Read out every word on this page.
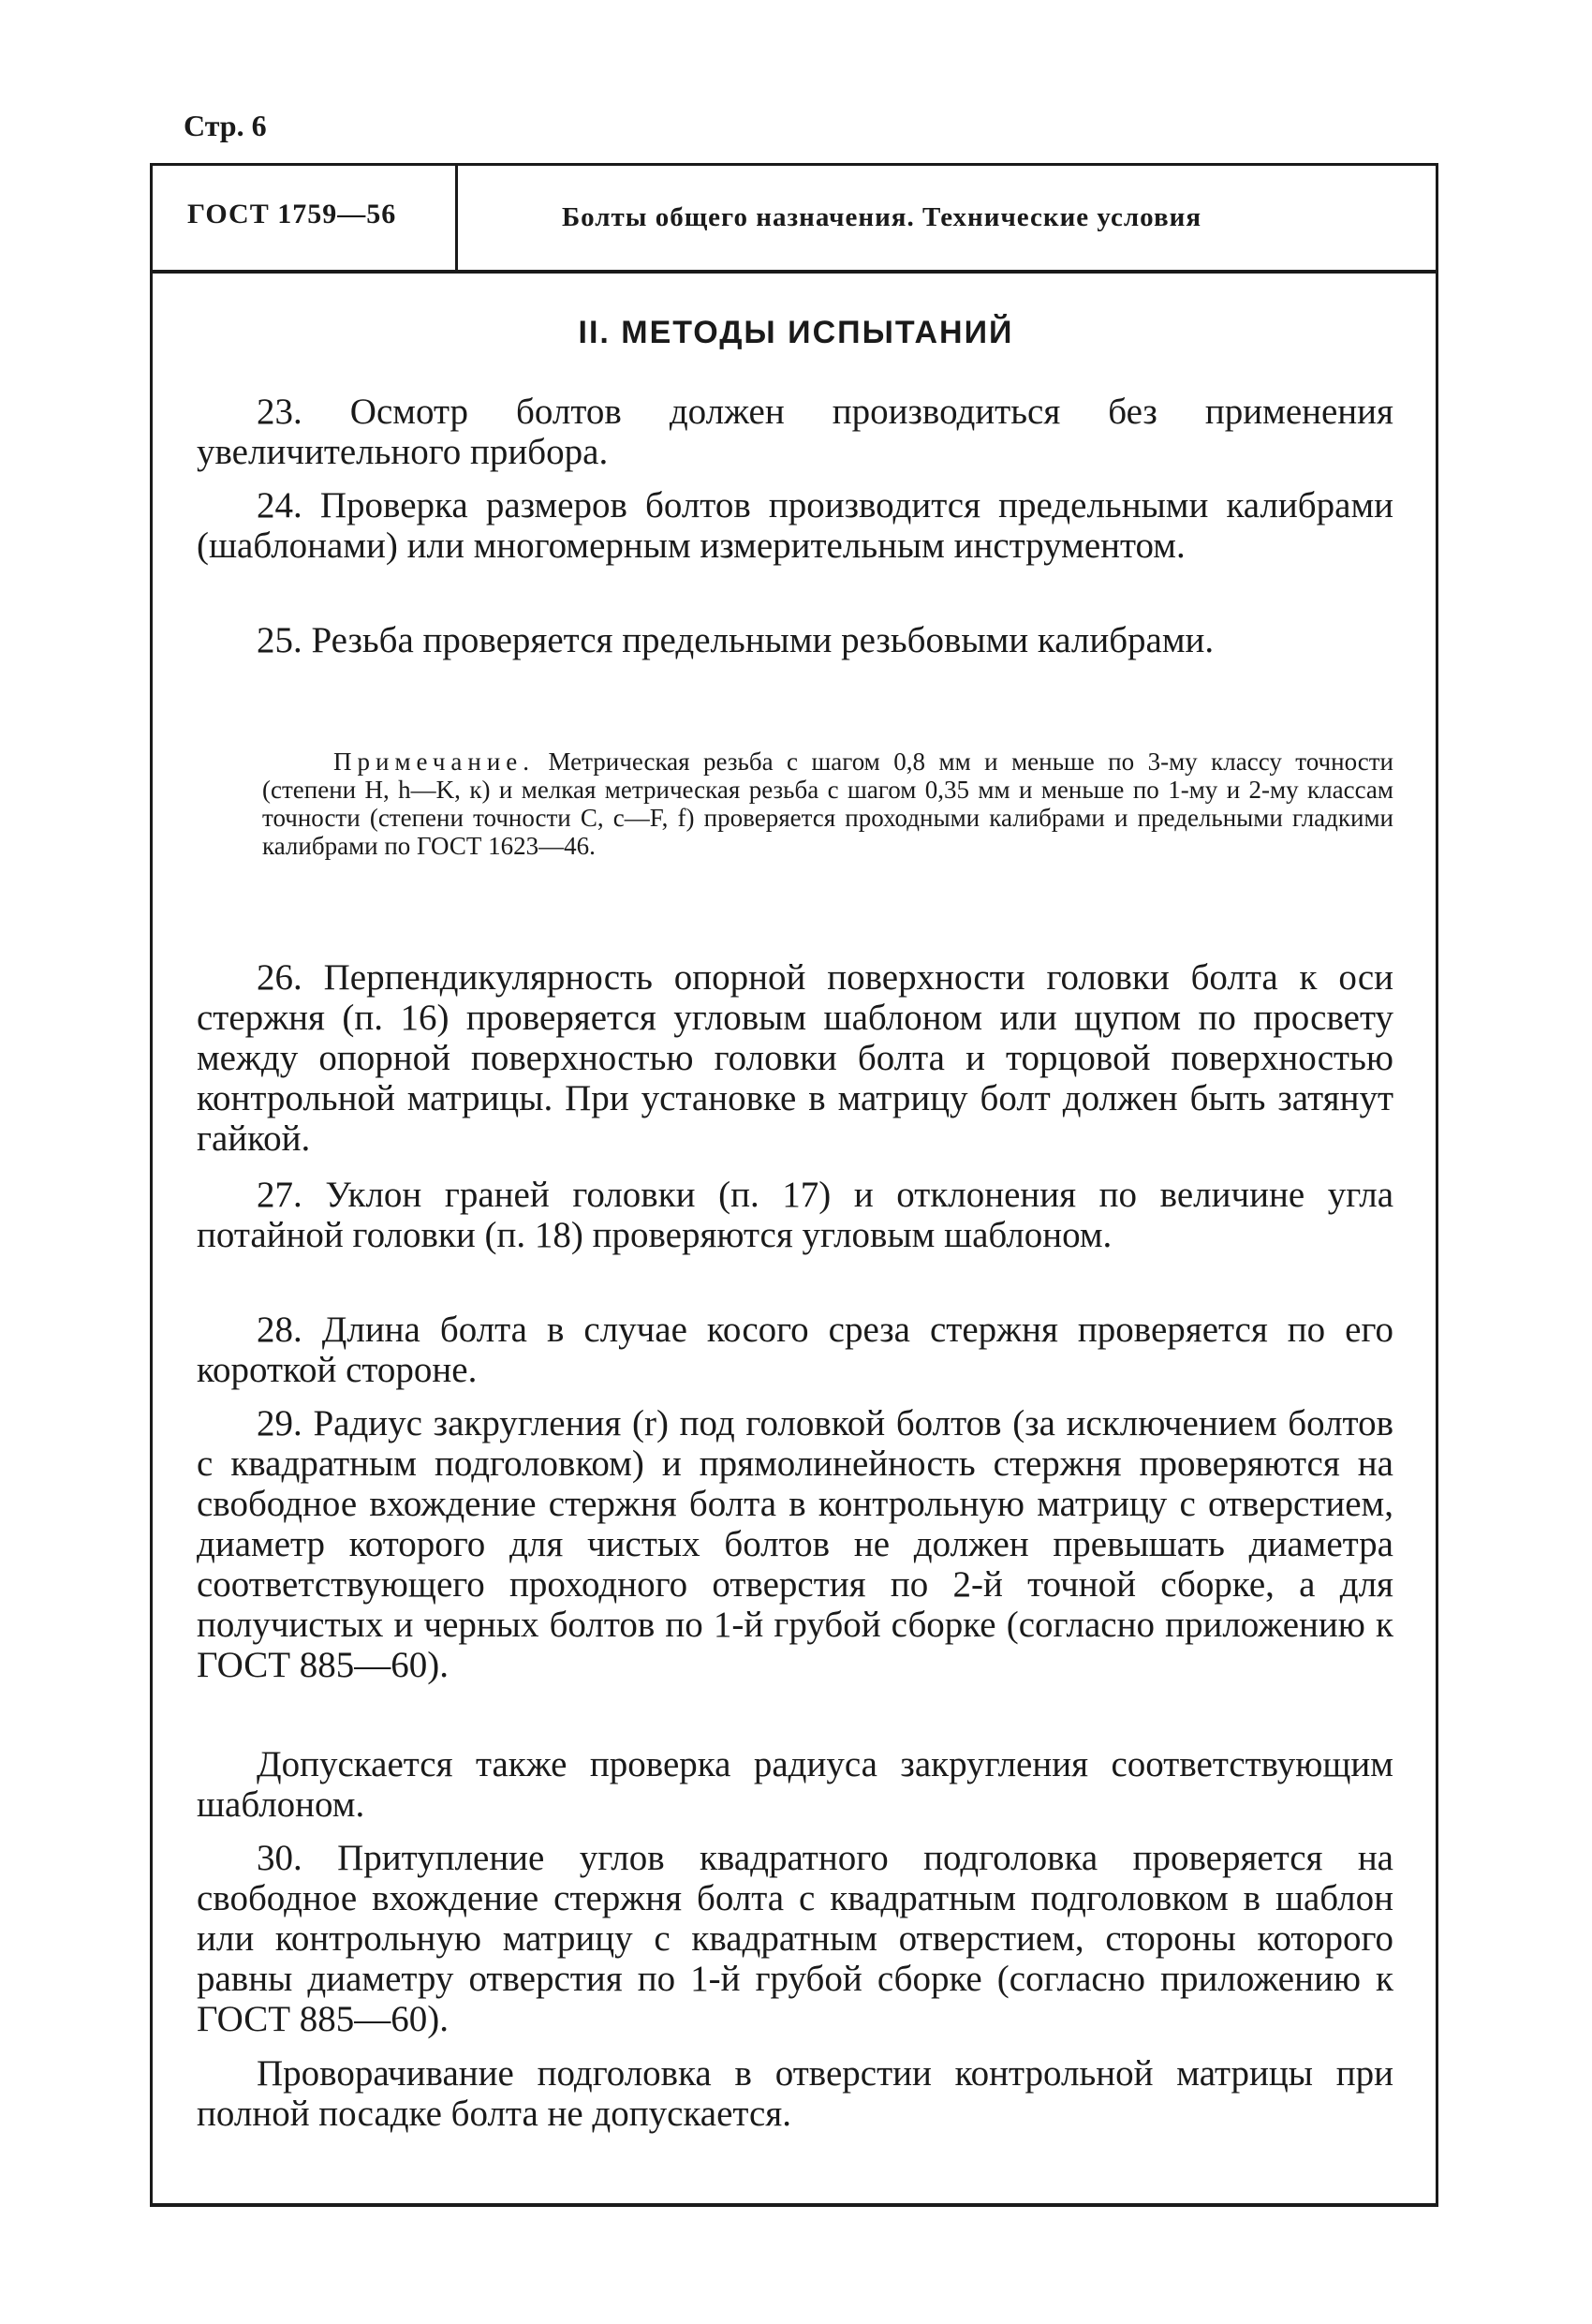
Стр. 6
ГОСТ 1759—56	Болты общего назначения. Технические условия
II. МЕТОДЫ ИСПЫТАНИЙ
23. Осмотр болтов должен производиться без применения увеличительного прибора.
24. Проверка размеров болтов производится предельными калибрами (шаблонами) или многомерным измерительным инструментом.
25. Резьба проверяется предельными резьбовыми калибрами.
Примечание. Метрическая резьба с шагом 0,8 мм и меньше по 3-му классу точности (степени H, h—K, к) и мелкая метрическая резьба с шагом 0,35 мм и меньше по 1-му и 2-му классам точности (степени точности C, c—F, f) проверяется проходными калибрами и предельными гладкими калибрами по ГОСТ 1623—46.
26. Перпендикулярность опорной поверхности головки болта к оси стержня (п. 16) проверяется угловым шаблоном или щупом по просвету между опорной поверхностью головки болта и торцовой поверхностью контрольной матрицы. При установке в матрицу болт должен быть затянут гайкой.
27. Уклон граней головки (п. 17) и отклонения по величине угла потайной головки (п. 18) проверяются угловым шаблоном.
28. Длина болта в случае косого среза стержня проверяется по его короткой стороне.
29. Радиус закругления (r) под головкой болтов (за исключением болтов с квадратным подголовком) и прямолинейность стержня проверяются на свободное вхождение стержня болта в контрольную матрицу с отверстием, диаметр которого для чистых болтов не должен превышать диаметра соответствующего проходного отверстия по 2-й точной сборке, а для получистых и черных болтов по 1-й грубой сборке (согласно приложению к ГОСТ 885—60).
Допускается также проверка радиуса закругления соответствующим шаблоном.
30. Притупление углов квадратного подголовка проверяется на свободное вхождение стержня болта с квадратным подголовком в шаблон или контрольную матрицу с квадратным отверстием, стороны которого равны диаметру отверстия по 1-й грубой сборке (согласно приложению к ГОСТ 885—60).
Проворачивание подголовка в отверстии контрольной матрицы при полной посадке болта не допускается.
